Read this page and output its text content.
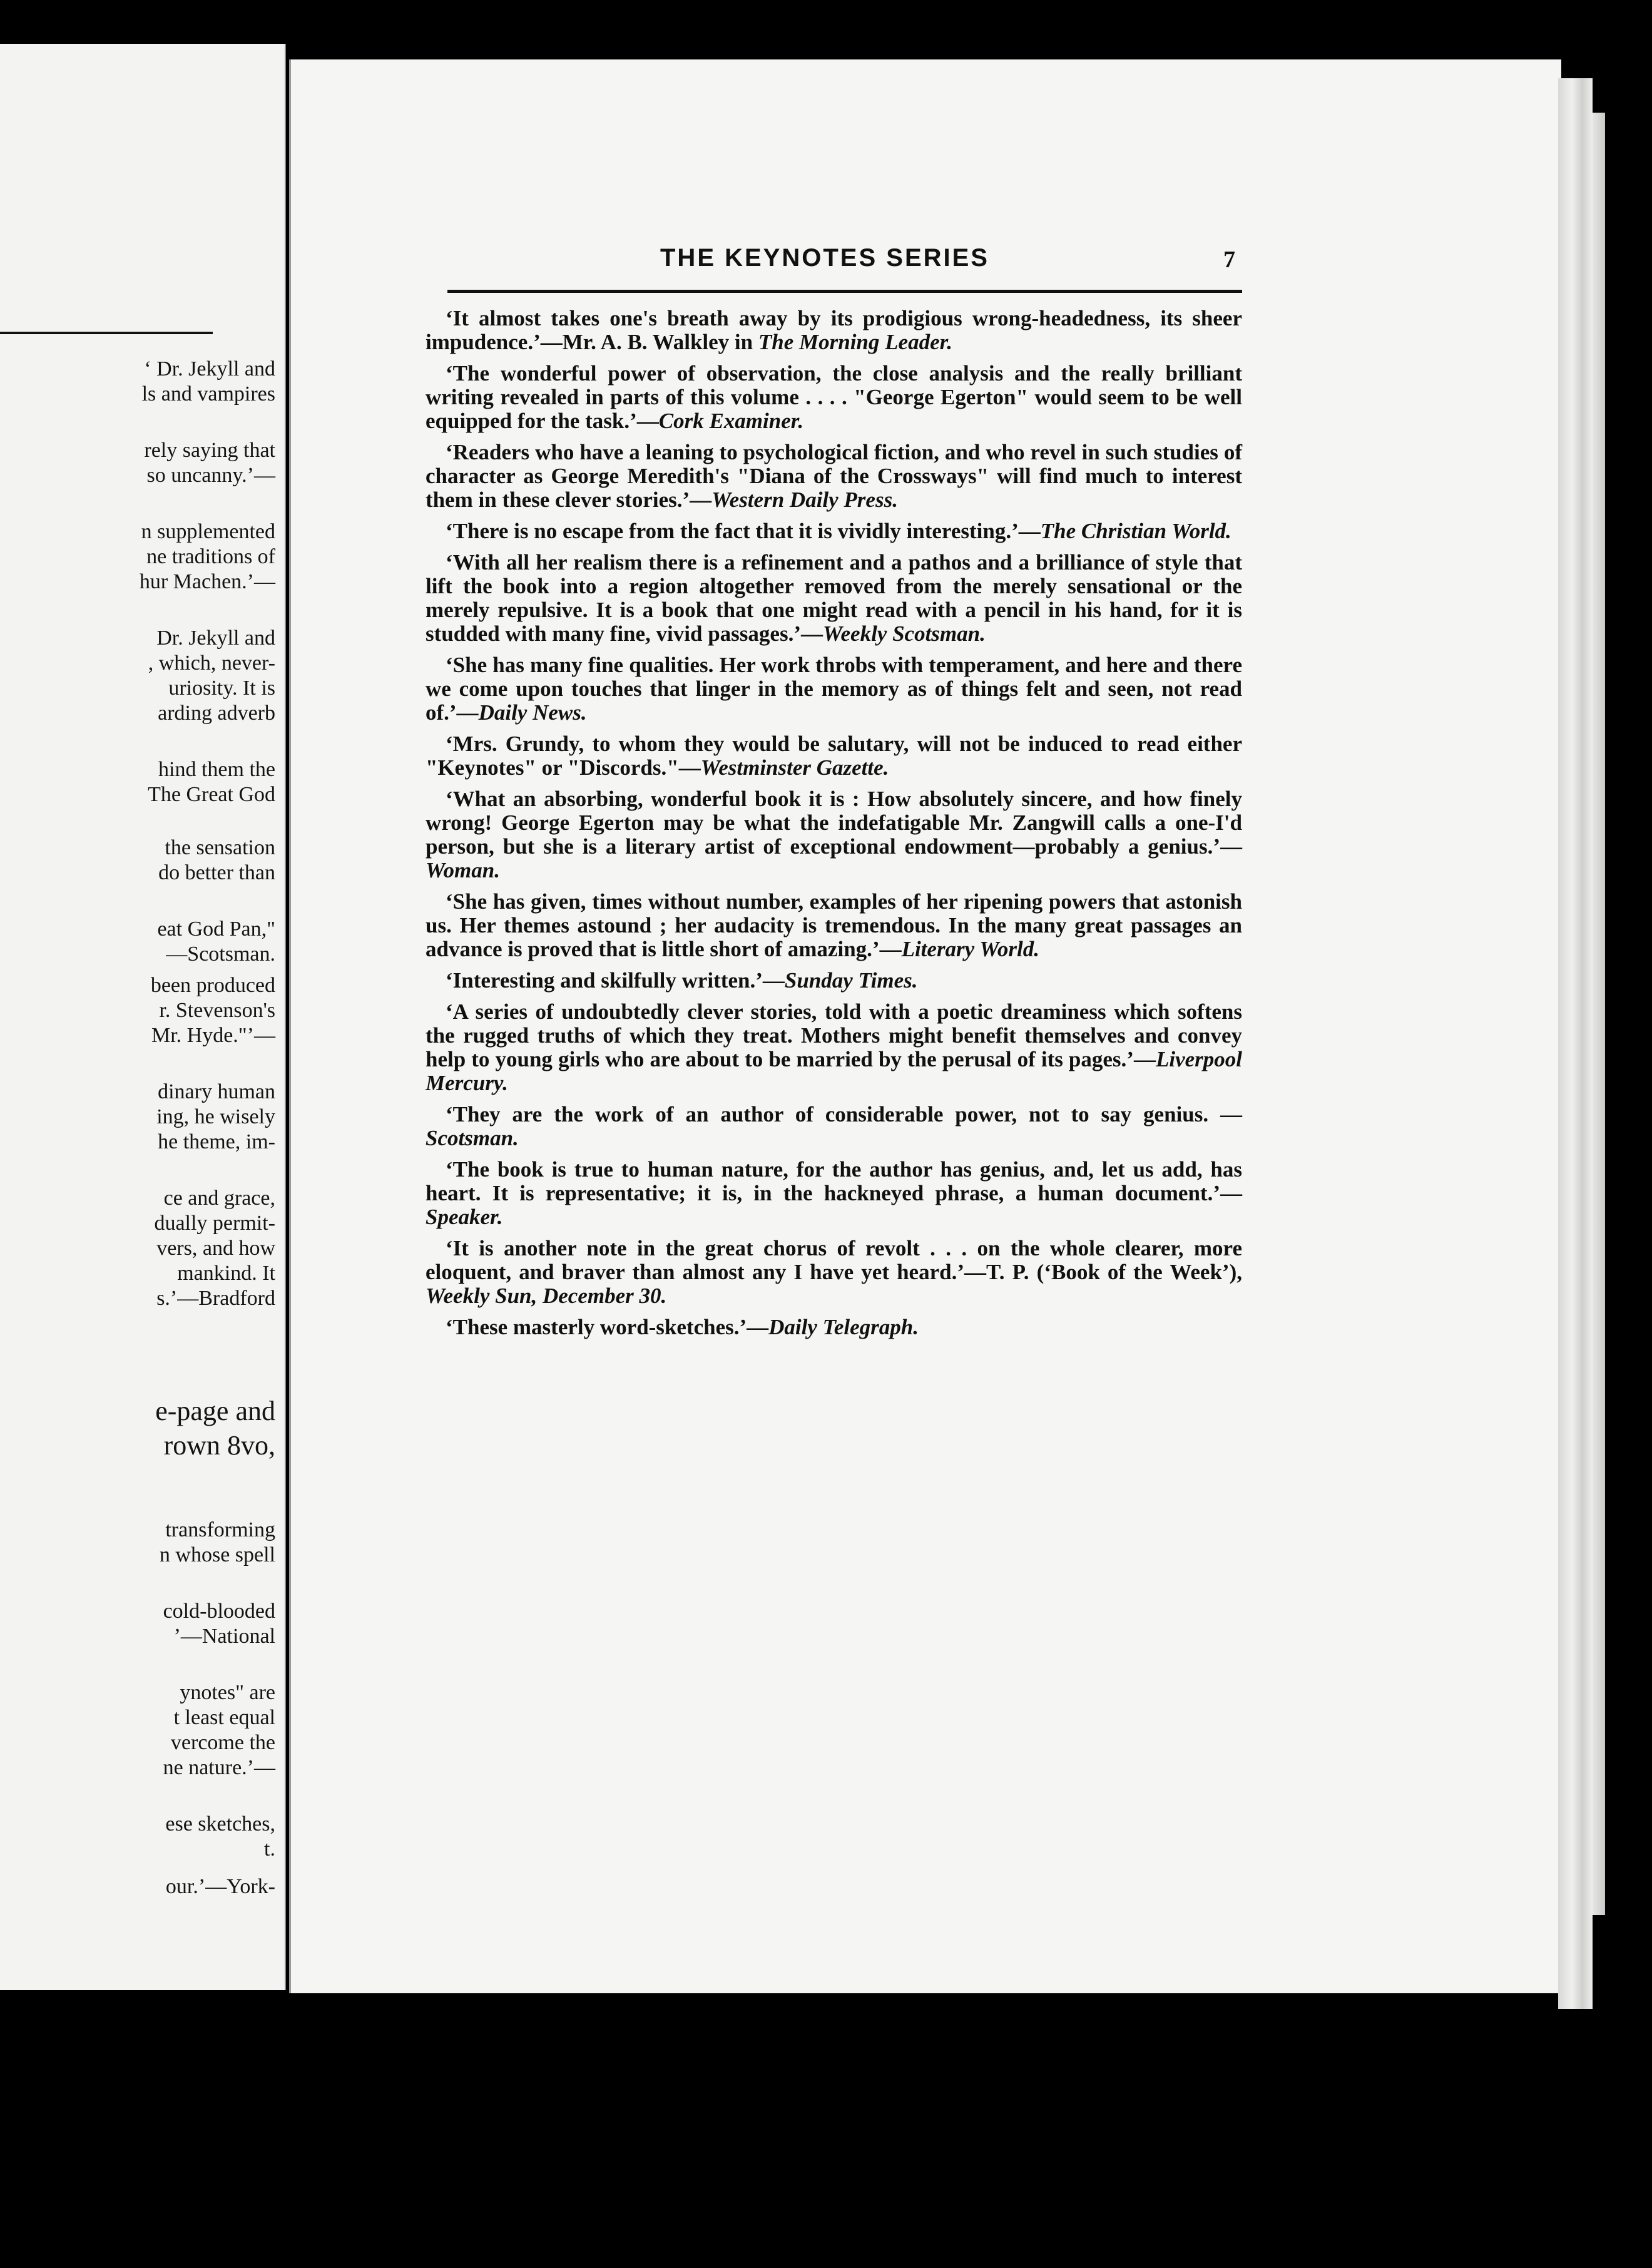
‘ Dr. Jekyll and
ls and vampires
rely saying that
so uncanny.’—
n supplemented
ne traditions of
hur Machen.’—
Dr. Jekyll and
, which, never-
uriosity. It is
arding adverb
hind them the
The Great God
the sensation
do better than
eat God Pan,"
—Scotsman.
been produced
r. Stevenson's
Mr. Hyde."’—
dinary human
ing, he wisely
he theme, im-
ce and grace,
dually permit-
vers, and how
mankind. It
s.’—Bradford
e-page and
rown 8vo,
transforming
n whose spell
cold-blooded
’—National
ynotes" are
t least equal
vercome the
ne nature.’—
ese sketches,
t.
our.’—York-
THE KEYNOTES SERIES	7

‘It almost takes one's breath away by its prodigious wrong-headedness, its sheer impudence.’—Mr. A. B. Walkley in The Morning Leader.

‘The wonderful power of observation, the close analysis and the really brilliant writing revealed in parts of this volume . . . . "George Egerton" would seem to be well equipped for the task.’—Cork Examiner.

‘Readers who have a leaning to psychological fiction, and who revel in such studies of character as George Meredith's "Diana of the Crossways" will find much to interest them in these clever stories.’—Western Daily Press.

‘There is no escape from the fact that it is vividly interesting.’—The Christian World.

‘With all her realism there is a refinement and a pathos and a brilliance of style that lift the book into a region altogether removed from the merely sensational or the merely repulsive. It is a book that one might read with a pencil in his hand, for it is studded with many fine, vivid passages.’—Weekly Scotsman.

‘She has many fine qualities. Her work throbs with temperament, and here and there we come upon touches that linger in the memory as of things felt and seen, not read of.’—Daily News.

‘Mrs. Grundy, to whom they would be salutary, will not be induced to read either "Keynotes" or "Discords."—Westminster Gazette.

‘What an absorbing, wonderful book it is : How absolutely sincere, and how finely wrong! George Egerton may be what the indefatigable Mr. Zangwill calls a one-I'd person, but she is a literary artist of exceptional endowment—probably a genius.’—Woman.

‘She has given, times without number, examples of her ripening powers that astonish us. Her themes astound ; her audacity is tremendous. In the many great passages an advance is proved that is little short of amazing.’—Literary World.

‘Interesting and skilfully written.’—Sunday Times.

‘A series of undoubtedly clever stories, told with a poetic dreaminess which softens the rugged truths of which they treat. Mothers might benefit themselves and convey help to young girls who are about to be married by the perusal of its pages.’—Liverpool Mercury.

‘They are the work of an author of considerable power, not to say genius. —Scotsman.

‘The book is true to human nature, for the author has genius, and, let us add, has heart. It is representative; it is, in the hackneyed phrase, a human document.’—Speaker.

‘It is another note in the great chorus of revolt . . . on the whole clearer, more eloquent, and braver than almost any I have yet heard.’—T. P. (‘Book of the Week’), Weekly Sun, December 30.

‘These masterly word-sketches.’—Daily Telegraph.
